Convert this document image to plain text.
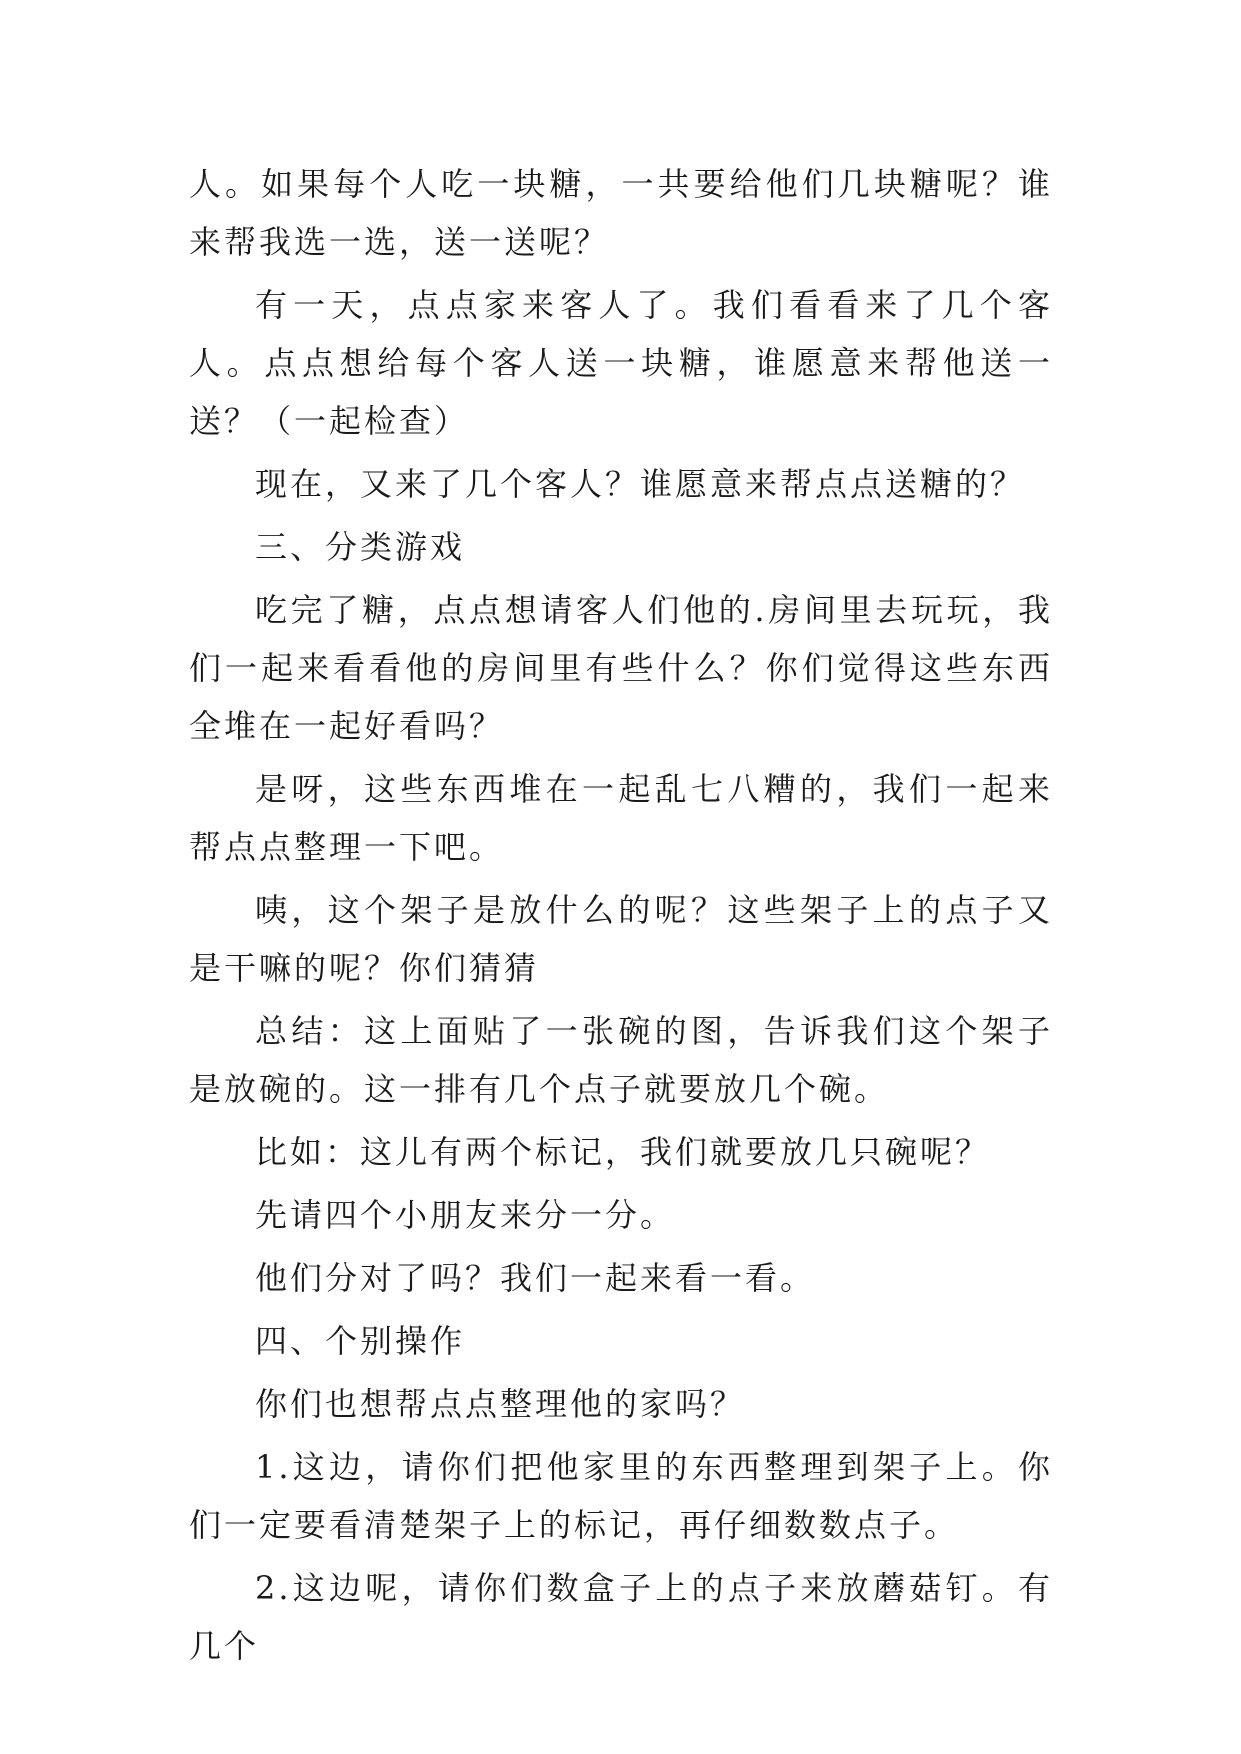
人。如果每个人吃一块糖，一共要给他们几块糖呢？谁来帮我选一选，送一送呢？

有一天，点点家来客人了。我们看看来了几个客人。点点想给每个客人送一块糖，谁愿意来帮他送一送？（一起检查）

现在，又来了几个客人？谁愿意来帮点点送糖的？

三、分类游戏

吃完了糖，点点想请客人们他的.房间里去玩玩，我们一起来看看他的房间里有些什么？你们觉得这些东西全堆在一起好看吗？

是呀，这些东西堆在一起乱七八糟的，我们一起来帮点点整理一下吧。

咦，这个架子是放什么的呢？这些架子上的点子又是干嘛的呢？你们猜猜

总结：这上面贴了一张碗的图，告诉我们这个架子是放碗的。这一排有几个点子就要放几个碗。

比如：这儿有两个标记，我们就要放几只碗呢？

先请四个小朋友来分一分。

他们分对了吗？我们一起来看一看。

四、个别操作

你们也想帮点点整理他的家吗？

1.这边，请你们把他家里的东西整理到架子上。你们一定要看清楚架子上的标记，再仔细数数点子。

2.这边呢，请你们数盒子上的点子来放蘑菇钉。有几个
